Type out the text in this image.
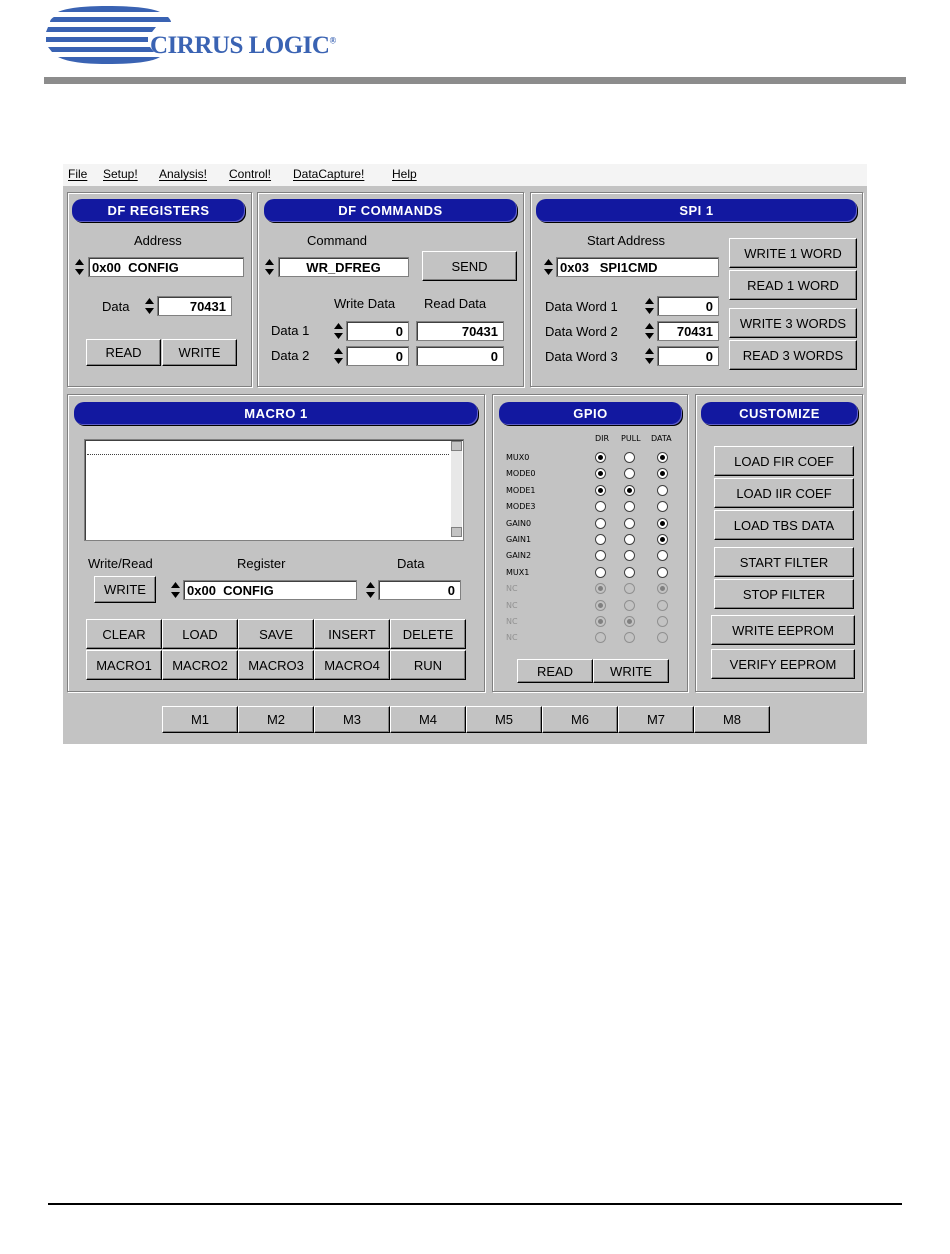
CIRRUS LOGIC®
File Setup! Analysis! Control! DataCapture! Help
DF REGISTERS
Address
0x00  CONFIG
Data	70431
READ	WRITE
DF COMMANDS
Command
WR_DFREG	SEND
Write Data Read Data
Data 1	0	70431
Data 2	0	0
SPI 1
Start Address
0x03   SPI1CMD
Data Word 1	0
Data Word 2	70431
Data Word 3	0
WRITE 1 WORD
READ 1 WORD
WRITE 3 WORDS
READ 3 WORDS
MACRO 1
Write/Read	Register	Data
WRITE	0x00  CONFIG	0
CLEAR	LOAD	SAVE	INSERT	DELETE
MACRO1	MACRO2	MACRO3	MACRO4	RUN
GPIO
DIR PULL DATA
MUX0
MODE0
MODE1
MODE3
GAIN0
GAIN1
GAIN2
MUX1
NC
NC
NC
NC
READ	WRITE
CUSTOMIZE
LOAD FIR COEF
LOAD IIR COEF
LOAD TBS DATA
START FILTER
STOP FILTER
WRITE EEPROM
VERIFY EEPROM
M1	M2	M3	M4	M5	M6	M7	M8
